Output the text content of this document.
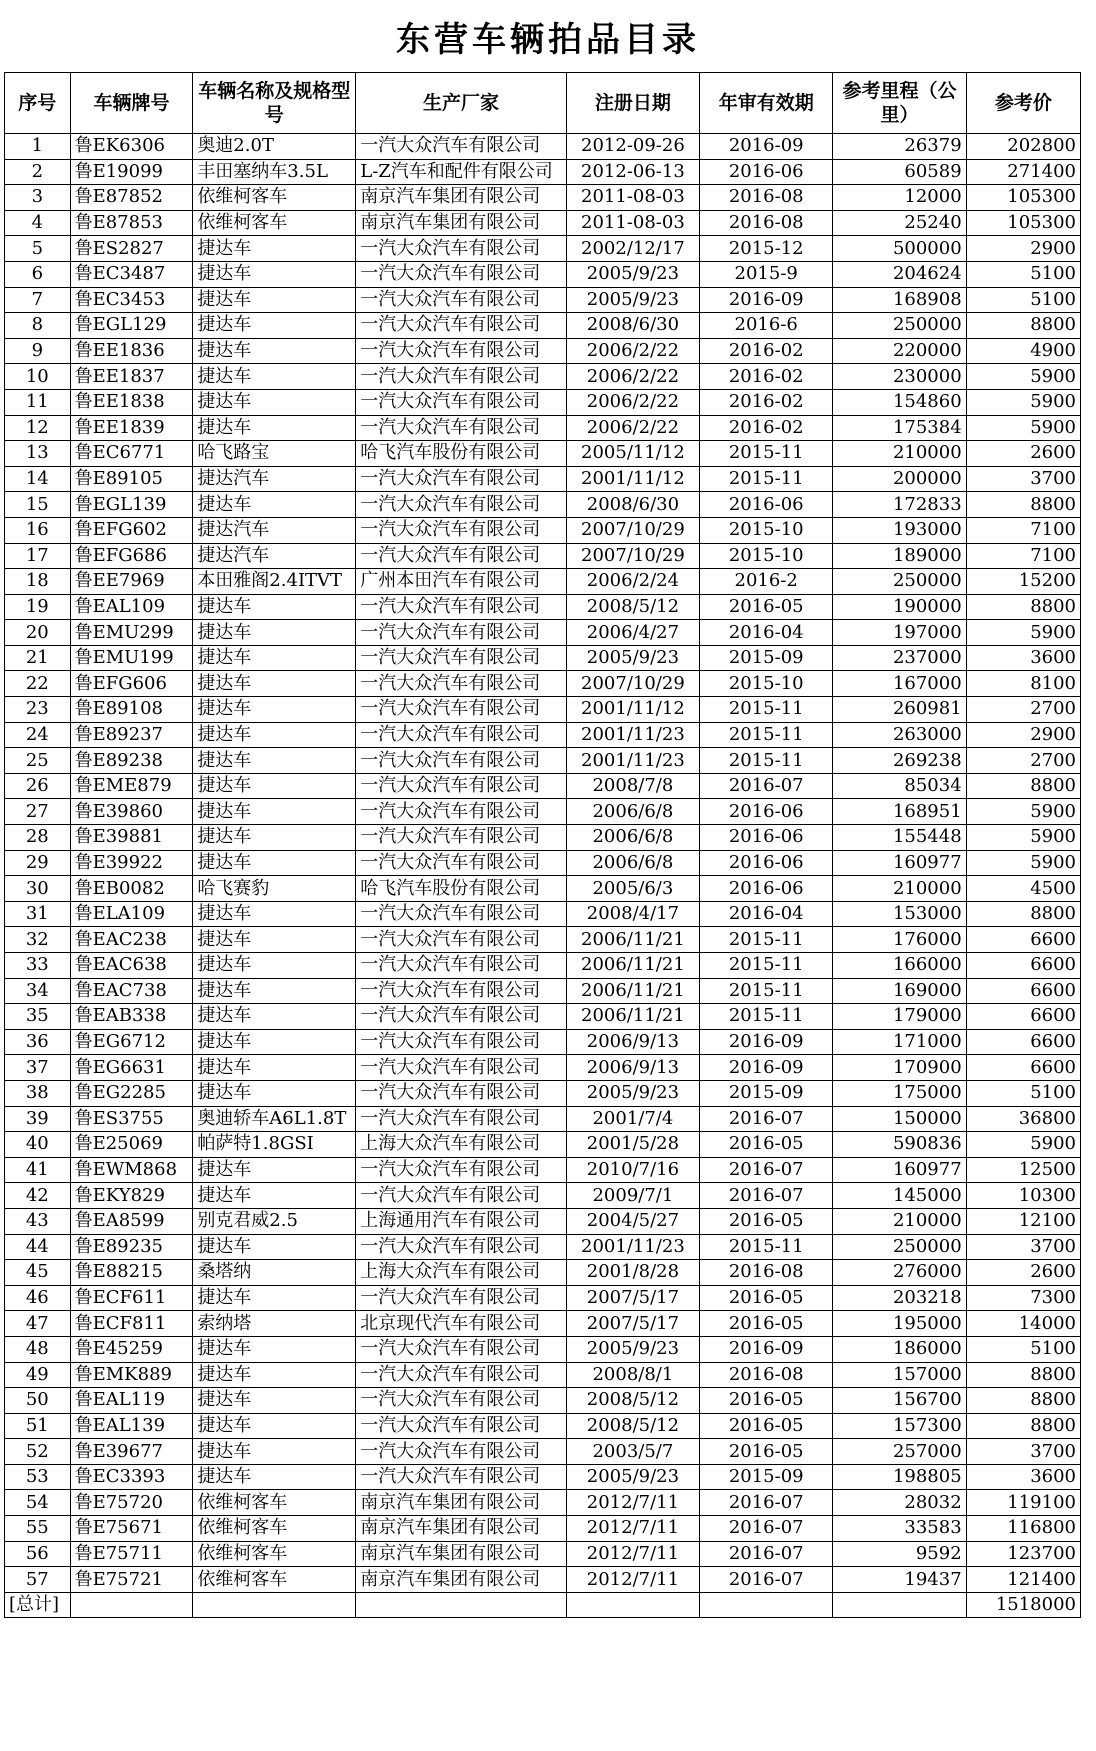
东营车辆拍品目录
序号	车辆牌号	车辆名称及规格型号	生产厂家	注册日期	年审有效期	参考里程（公里）	参考价
1	鲁EK6306	奥迪2.0T	一汽大众汽车有限公司	2012-09-26	2016-09	26379	202800
2	鲁E19099	丰田塞纳车3.5L	L-Z汽车和配件有限公司	2012-06-13	2016-06	60589	271400
3	鲁E87852	依维柯客车	南京汽车集团有限公司	2011-08-03	2016-08	12000	105300
4	鲁E87853	依维柯客车	南京汽车集团有限公司	2011-08-03	2016-08	25240	105300
5	鲁ES2827	捷达车	一汽大众汽车有限公司	2002/12/17	2015-12	500000	2900
6	鲁EC3487	捷达车	一汽大众汽车有限公司	2005/9/23	2015-9	204624	5100
7	鲁EC3453	捷达车	一汽大众汽车有限公司	2005/9/23	2016-09	168908	5100
8	鲁EGL129	捷达车	一汽大众汽车有限公司	2008/6/30	2016-6	250000	8800
9	鲁EE1836	捷达车	一汽大众汽车有限公司	2006/2/22	2016-02	220000	4900
10	鲁EE1837	捷达车	一汽大众汽车有限公司	2006/2/22	2016-02	230000	5900
11	鲁EE1838	捷达车	一汽大众汽车有限公司	2006/2/22	2016-02	154860	5900
12	鲁EE1839	捷达车	一汽大众汽车有限公司	2006/2/22	2016-02	175384	5900
13	鲁EC6771	哈飞路宝	哈飞汽车股份有限公司	2005/11/12	2015-11	210000	2600
14	鲁E89105	捷达汽车	一汽大众汽车有限公司	2001/11/12	2015-11	200000	3700
15	鲁EGL139	捷达车	一汽大众汽车有限公司	2008/6/30	2016-06	172833	8800
16	鲁EFG602	捷达汽车	一汽大众汽车有限公司	2007/10/29	2015-10	193000	7100
17	鲁EFG686	捷达汽车	一汽大众汽车有限公司	2007/10/29	2015-10	189000	7100
18	鲁EE7969	本田雅阁2.4ITVT	广州本田汽车有限公司	2006/2/24	2016-2	250000	15200
19	鲁EAL109	捷达车	一汽大众汽车有限公司	2008/5/12	2016-05	190000	8800
20	鲁EMU299	捷达车	一汽大众汽车有限公司	2006/4/27	2016-04	197000	5900
21	鲁EMU199	捷达车	一汽大众汽车有限公司	2005/9/23	2015-09	237000	3600
22	鲁EFG606	捷达车	一汽大众汽车有限公司	2007/10/29	2015-10	167000	8100
23	鲁E89108	捷达车	一汽大众汽车有限公司	2001/11/12	2015-11	260981	2700
24	鲁E89237	捷达车	一汽大众汽车有限公司	2001/11/23	2015-11	263000	2900
25	鲁E89238	捷达车	一汽大众汽车有限公司	2001/11/23	2015-11	269238	2700
26	鲁EME879	捷达车	一汽大众汽车有限公司	2008/7/8	2016-07	85034	8800
27	鲁E39860	捷达车	一汽大众汽车有限公司	2006/6/8	2016-06	168951	5900
28	鲁E39881	捷达车	一汽大众汽车有限公司	2006/6/8	2016-06	155448	5900
29	鲁E39922	捷达车	一汽大众汽车有限公司	2006/6/8	2016-06	160977	5900
30	鲁EB0082	哈飞赛豹	哈飞汽车股份有限公司	2005/6/3	2016-06	210000	4500
31	鲁ELA109	捷达车	一汽大众汽车有限公司	2008/4/17	2016-04	153000	8800
32	鲁EAC238	捷达车	一汽大众汽车有限公司	2006/11/21	2015-11	176000	6600
33	鲁EAC638	捷达车	一汽大众汽车有限公司	2006/11/21	2015-11	166000	6600
34	鲁EAC738	捷达车	一汽大众汽车有限公司	2006/11/21	2015-11	169000	6600
35	鲁EAB338	捷达车	一汽大众汽车有限公司	2006/11/21	2015-11	179000	6600
36	鲁EG6712	捷达车	一汽大众汽车有限公司	2006/9/13	2016-09	171000	6600
37	鲁EG6631	捷达车	一汽大众汽车有限公司	2006/9/13	2016-09	170900	6600
38	鲁EG2285	捷达车	一汽大众汽车有限公司	2005/9/23	2015-09	175000	5100
39	鲁ES3755	奥迪轿车A6L1.8T	一汽大众汽车有限公司	2001/7/4	2016-07	150000	36800
40	鲁E25069	帕萨特1.8GSI	上海大众汽车有限公司	2001/5/28	2016-05	590836	5900
41	鲁EWM868	捷达车	一汽大众汽车有限公司	2010/7/16	2016-07	160977	12500
42	鲁EKY829	捷达车	一汽大众汽车有限公司	2009/7/1	2016-07	145000	10300
43	鲁EA8599	别克君威2.5	上海通用汽车有限公司	2004/5/27	2016-05	210000	12100
44	鲁E89235	捷达车	一汽大众汽车有限公司	2001/11/23	2015-11	250000	3700
45	鲁E88215	桑塔纳	上海大众汽车有限公司	2001/8/28	2016-08	276000	2600
46	鲁ECF611	捷达车	一汽大众汽车有限公司	2007/5/17	2016-05	203218	7300
47	鲁ECF811	索纳塔	北京现代汽车有限公司	2007/5/17	2016-05	195000	14000
48	鲁E45259	捷达车	一汽大众汽车有限公司	2005/9/23	2016-09	186000	5100
49	鲁EMK889	捷达车	一汽大众汽车有限公司	2008/8/1	2016-08	157000	8800
50	鲁EAL119	捷达车	一汽大众汽车有限公司	2008/5/12	2016-05	156700	8800
51	鲁EAL139	捷达车	一汽大众汽车有限公司	2008/5/12	2016-05	157300	8800
52	鲁E39677	捷达车	一汽大众汽车有限公司	2003/5/7	2016-05	257000	3700
53	鲁EC3393	捷达车	一汽大众汽车有限公司	2005/9/23	2015-09	198805	3600
54	鲁E75720	依维柯客车	南京汽车集团有限公司	2012/7/11	2016-07	28032	119100
55	鲁E75671	依维柯客车	南京汽车集团有限公司	2012/7/11	2016-07	33583	116800
56	鲁E75711	依维柯客车	南京汽车集团有限公司	2012/7/11	2016-07	9592	123700
57	鲁E75721	依维柯客车	南京汽车集团有限公司	2012/7/11	2016-07	19437	121400
[总计]							1518000
